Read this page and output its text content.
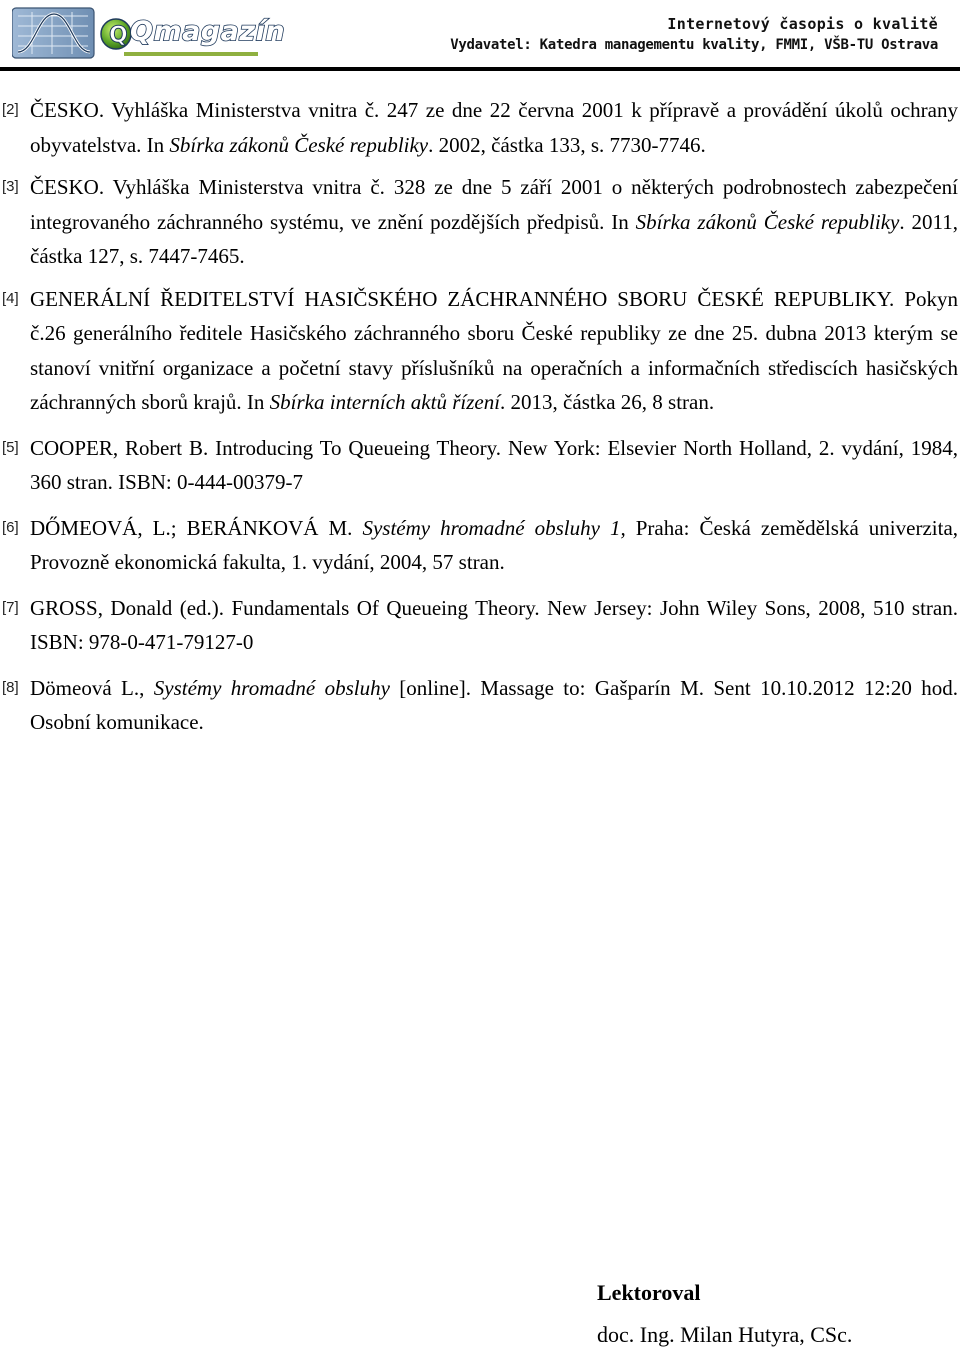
Q Qmagazín	Internetový časopis o kvalitě
Vydavatel: Katedra managementu kvality, FMMI, VŠB-TU Ostrava
[2] ČESKO. Vyhláška Ministerstva vnitra č. 247 ze dne 22 června 2001 k přípravě a provádění úkolů ochrany obyvatelstva. In Sbírka zákonů České republiky. 2002, částka 133, s. 7730-7746.
[3] ČESKO. Vyhláška Ministerstva vnitra č. 328 ze dne 5 září 2001 o některých podrobnostech zabezpečení integrovaného záchranného systému, ve znění pozdějších předpisů. In Sbírka zákonů České republiky. 2011, částka 127, s. 7447-7465.
[4] GENERÁLNÍ ŘEDITELSTVÍ HASIČSKÉHO ZÁCHRANNÉHO SBORU ČESKÉ REPUBLIKY. Pokyn č.26 generálního ředitele Hasičského záchranného sboru České republiky ze dne 25. dubna 2013 kterým se stanoví vnitřní organizace a početní stavy příslušníků na operačních a informačních střediscích hasičských záchranných sborů krajů. In Sbírka interních aktů řízení. 2013, částka 26, 8 stran.
[5] COOPER, Robert B. Introducing To Queueing Theory. New York: Elsevier North Holland, 2. vydání, 1984, 360 stran. ISBN: 0-444-00379-7
[6] DŐMEOVÁ, L.; BERÁNKOVÁ M. Systémy hromadné obsluhy 1, Praha: Česká zemědělská univerzita, Provozně ekonomická fakulta, 1. vydání, 2004, 57 stran.
[7] GROSS, Donald (ed.). Fundamentals Of Queueing Theory. New Jersey: John Wiley Sons, 2008, 510 stran. ISBN: 978-0-471-79127-0
[8] Dömeová L., Systémy hromadné obsluhy [online]. Massage to: Gašparín M. Sent 10.10.2012 12:20 hod. Osobní komunikace.
Lektoroval
doc. Ing. Milan Hutyra, CSc.
